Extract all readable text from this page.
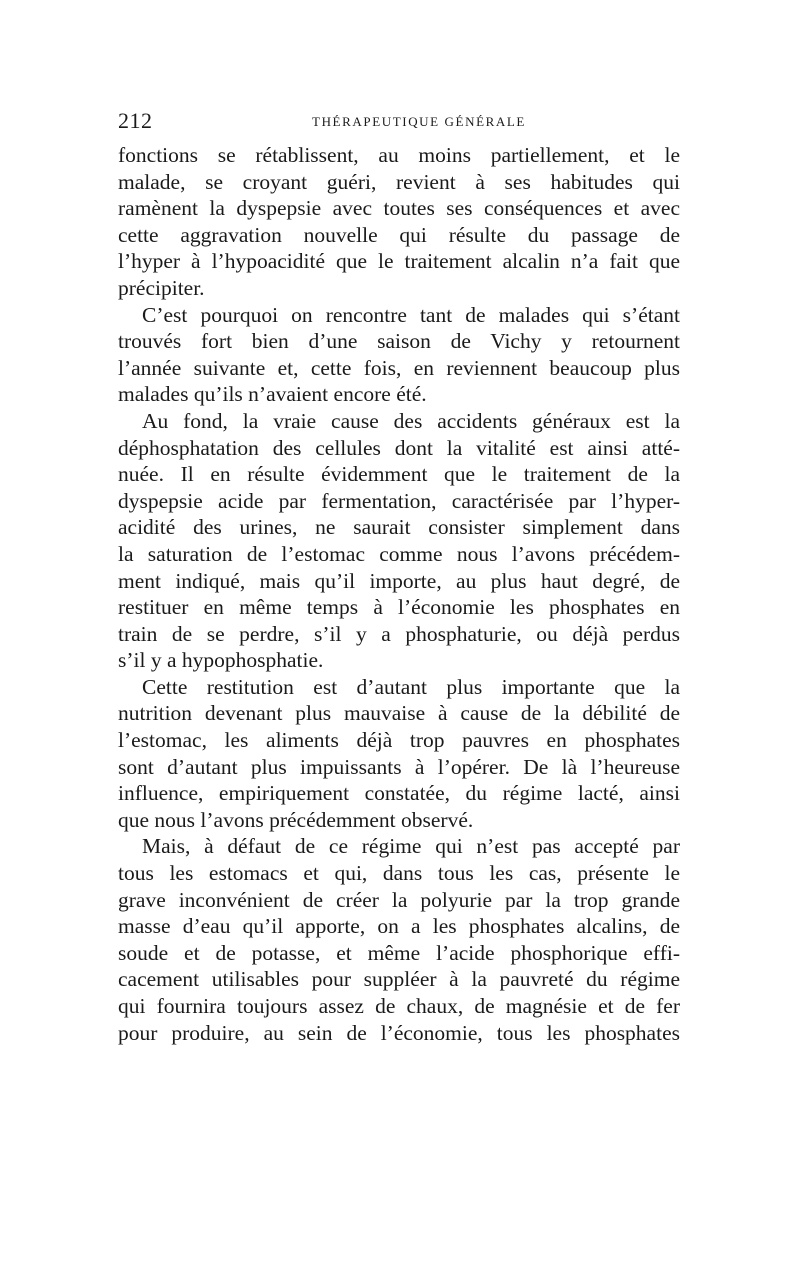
212	THÉRAPEUTIQUE GÉNÉRALE
fonctions se rétablissent, au moins partiellement, et le
malade, se croyant guéri, revient à ses habitudes qui
ramènent la dyspepsie avec toutes ses conséquences et avec
cette aggravation nouvelle qui résulte du passage de
l’hyper à l’hypoacidité que le traitement alcalin n’a fait que
précipiter.
C’est pourquoi on rencontre tant de malades qui s’étant
trouvés fort bien d’une saison de Vichy y retournent
l’année suivante et, cette fois, en reviennent beaucoup plus
malades qu’ils n’avaient encore été.
Au fond, la vraie cause des accidents généraux est la
déphosphatation des cellules dont la vitalité est ainsi atté-
nuée. Il en résulte évidemment que le traitement de la
dyspepsie acide par fermentation, caractérisée par l’hyper-
acidité des urines, ne saurait consister simplement dans
la saturation de l’estomac comme nous l’avons précédem-
ment indiqué, mais qu’il importe, au plus haut degré, de
restituer en même temps à l’économie les phosphates en
train de se perdre, s’il y a phosphaturie, ou déjà perdus
s’il y a hypophosphatie.
Cette restitution est d’autant plus importante que la
nutrition devenant plus mauvaise à cause de la débilité de
l’estomac, les aliments déjà trop pauvres en phosphates
sont d’autant plus impuissants à l’opérer. De là l’heureuse
influence, empiriquement constatée, du régime lacté, ainsi
que nous l’avons précédemment observé.
Mais, à défaut de ce régime qui n’est pas accepté par
tous les estomacs et qui, dans tous les cas, présente le
grave inconvénient de créer la polyurie par la trop grande
masse d’eau qu’il apporte, on a les phosphates alcalins, de
soude et de potasse, et même l’acide phosphorique effi-
cacement utilisables pour suppléer à la pauvreté du régime
qui fournira toujours assez de chaux, de magnésie et de fer
pour produire, au sein de l’économie, tous les phosphates
